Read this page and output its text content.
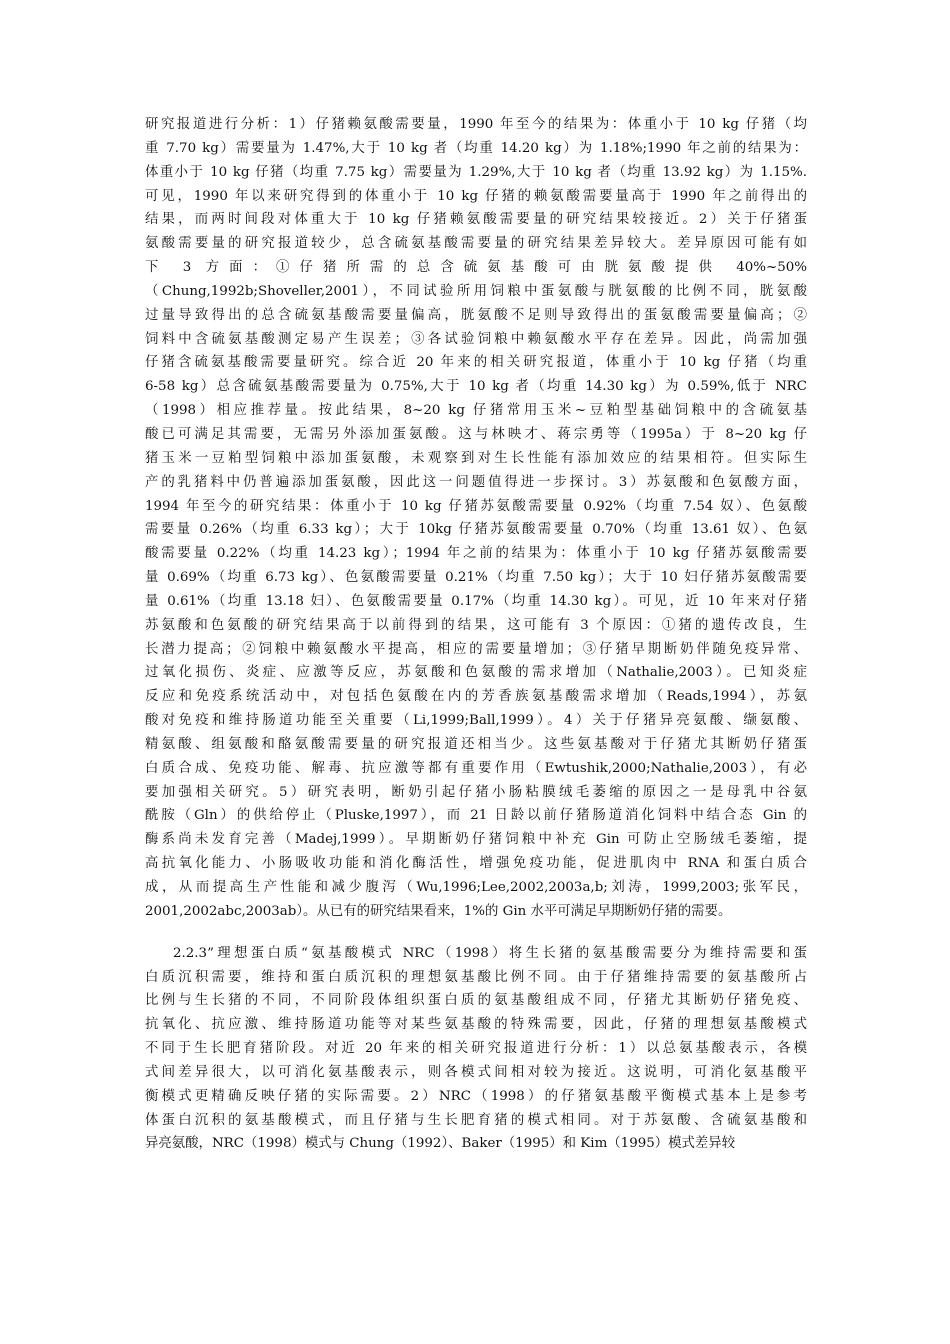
研究报道进行分析：1）仔猪赖氨酸需要量，1990 年至今的结果为：体重小于 10 kg 仔猪（均
重 7.70 kg）需要量为 1.47%,大于 10 kg 者（均重 14.20 kg）为 1.18%;1990 年之前的结果为：
体重小于 10 kg 仔猪（均重 7.75 kg）需要量为 1.29%,大于 10 kg 者（均重 13.92 kg）为 1.15%.
可见，1990 年以来研究得到的体重小于 10 kg 仔猪的赖氨酸需要量高于 1990 年之前得出的
结果，而两时间段对体重大于 10 kg 仔猪赖氨酸需要量的研究结果较接近。2）关于仔猪蛋
氨酸需要量的研究报道较少，总含硫氨基酸需要量的研究结果差异较大。差异原因可能有如
下 3 方面：①仔猪所需的总含硫氨基酸可由胱氨酸提供 40%~50%
（Chung,1992b;Shoveller,2001），不同试验所用饲粮中蛋氨酸与胱氨酸的比例不同，胱氨酸
过量导致得出的总含硫氨基酸需要量偏高，胱氨酸不足则导致得出的蛋氨酸需要量偏高；②
饲料中含硫氨基酸测定易产生误差；③各试验饲粮中赖氨酸水平存在差异。因此，尚需加强
仔猪含硫氨基酸需要量研究。综合近 20 年来的相关研究报道，体重小于 10 kg 仔猪（均重
6-58 kg）总含硫氨基酸需要量为 0.75%,大于 10 kg 者（均重 14.30 kg）为 0.59%,低于 NRC
（1998）相应推荐量。按此结果，8~20 kg 仔猪常用玉米~豆粕型基础饲粮中的含硫氨基
酸已可满足其需要，无需另外添加蛋氨酸。这与林映才、蒋宗勇等（1995a）于 8~20 kg 仔
猪玉米一豆粕型饲粮中添加蛋氨酸，未观察到对生长性能有添加效应的结果相符。但实际生
产的乳猪料中仍普遍添加蛋氨酸，因此这一问题值得进一步探讨。3）苏氨酸和色氨酸方面，
1994 年至今的研究结果：体重小于 10 kg 仔猪苏氨酸需要量 0.92%（均重 7.54 奴）、色氨酸
需要量 0.26%（均重 6.33 kg）；大于 10kg 仔猪苏氨酸需要量 0.70%（均重 13.61 奴）、色氨
酸需要量 0.22%（均重 14.23 kg）；1994 年之前的结果为：体重小于 10 kg 仔猪苏氨酸需要
量 0.69%（均重 6.73 kg）、色氨酸需要量 0.21%（均重 7.50 kg）；大于 10 妇仔猪苏氨酸需要
量 0.61%（均重 13.18 妇）、色氨酸需要量 0.17%（均重 14.30 kg）。可见，近 10 年来对仔猪
苏氨酸和色氨酸的研究结果高于以前得到的结果，这可能有 3 个原因：①猪的遗传改良，生
长潜力提高；②饲粮中赖氨酸水平提高，相应的需要量增加；③仔猪早期断奶伴随免疫异常、
过氧化损伤、炎症、应激等反应，苏氨酸和色氨酸的需求增加（Nathalie,2003）。已知炎症
反应和免疫系统活动中，对包括色氨酸在内的芳香族氨基酸需求增加（Reads,1994），苏氨
酸对免疫和维持肠道功能至关重要（Li,1999;Ball,1999）。4）关于仔猪异亮氨酸、缬氨酸、
精氨酸、组氨酸和酪氨酸需要量的研究报道还相当少。这些氨基酸对于仔猪尤其断奶仔猪蛋
白质合成、免疫功能、解毒、抗应激等都有重要作用（Ewtushik,2000;Nathalie,2003），有必
要加强相关研究。5）研究表明，断奶引起仔猪小肠粘膜绒毛萎缩的原因之一是母乳中谷氨
酰胺（Gln）的供给停止（Pluske,1997），而 21 日龄以前仔猪肠道消化饲料中结合态 Gin 的
酶系尚未发育完善（Madej,1999）。早期断奶仔猪饲粮中补充 Gin 可防止空肠绒毛萎缩，提
高抗氧化能力、小肠吸收功能和消化酶活性，增强免疫功能，促进肌肉中 RNA 和蛋白质合
成，从而提高生产性能和减少腹泻（Wu,1996;Lee,2002,2003a,b;刘涛，1999,2003;张军民，
2001,2002abc,2003ab）。从已有的研究结果看来，1%的 Gin 水平可满足早期断奶仔猪的需要。
2.2.3”理想蛋白质“氨基酸模式 NRC（1998）将生长猪的氨基酸需要分为维持需要和蛋
白质沉积需要，维持和蛋白质沉积的理想氨基酸比例不同。由于仔猪维持需要的氨基酸所占
比例与生长猪的不同，不同阶段体组织蛋白质的氨基酸组成不同，仔猪尤其断奶仔猪免疫、
抗氧化、抗应激、维持肠道功能等对某些氨基酸的特殊需要，因此，仔猪的理想氨基酸模式
不同于生长肥育猪阶段。对近 20 年来的相关研究报道进行分析：1）以总氨基酸表示，各模
式间差异很大，以可消化氨基酸表示，则各模式间相对较为接近。这说明，可消化氨基酸平
衡模式更精确反映仔猪的实际需要。2）NRC（1998）的仔猪氨基酸平衡模式基本上是参考
体蛋白沉积的氨基酸模式，而且仔猪与生长肥育猪的模式相同。对于苏氨酸、含硫氨基酸和
异亮氨酸，NRC（1998）模式与 Chung（1992）、Baker（1995）和 Kim（1995）模式差异较
